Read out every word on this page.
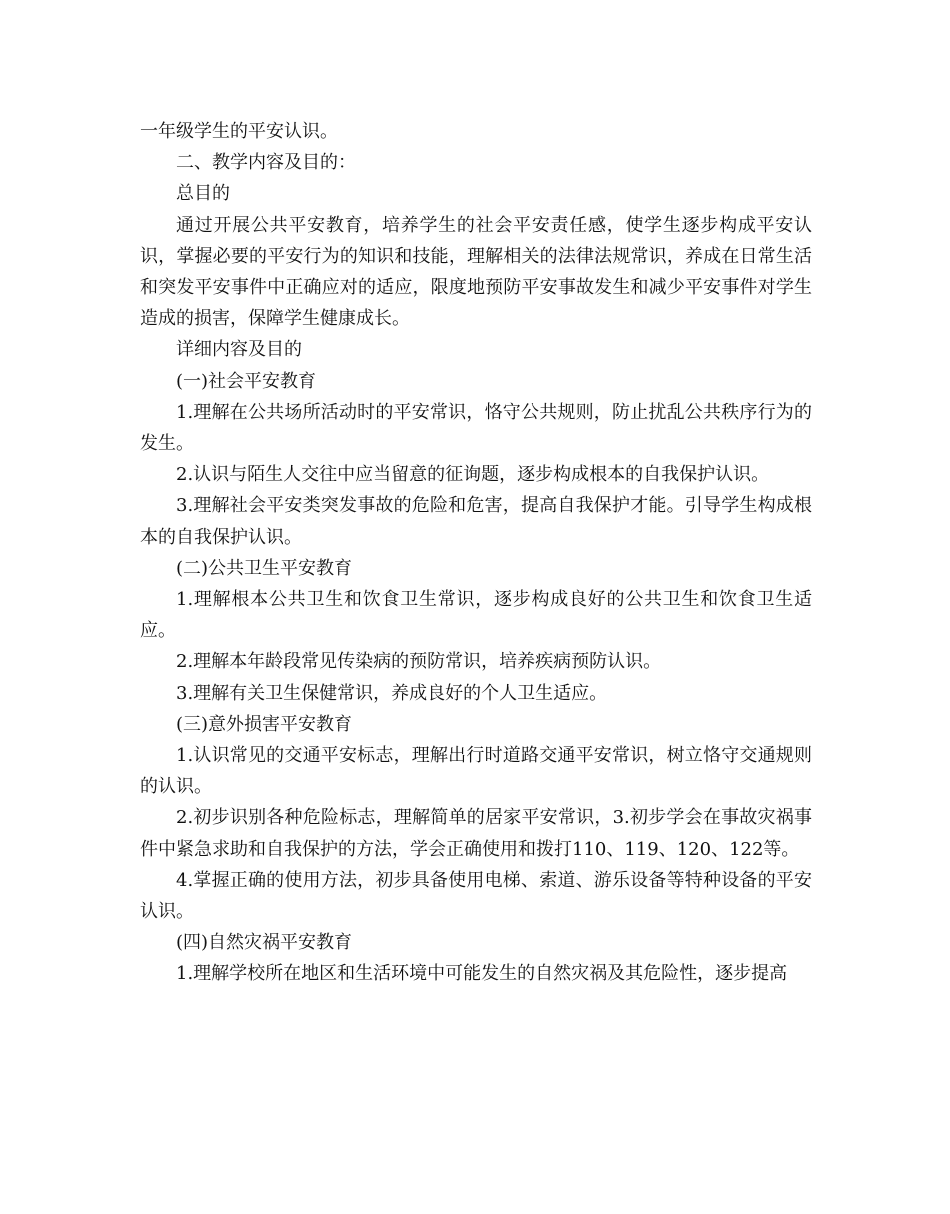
一年级学生的平安认识。

二、教学内容及目的：

总目的

通过开展公共平安教育，培养学生的社会平安责任感，使学生逐步构成平安认识，掌握必要的平安行为的知识和技能，理解相关的法律法规常识，养成在日常生活和突发平安事件中正确应对的适应，限度地预防平安事故发生和减少平安事件对学生造成的损害，保障学生健康成长。

详细内容及目的

(一)社会平安教育

1.理解在公共场所活动时的平安常识，恪守公共规则，防止扰乱公共秩序行为的发生。

2.认识与陌生人交往中应当留意的征询题，逐步构成根本的自我保护认识。

3.理解社会平安类突发事故的危险和危害，提高自我保护才能。引导学生构成根本的自我保护认识。

(二)公共卫生平安教育

1.理解根本公共卫生和饮食卫生常识，逐步构成良好的公共卫生和饮食卫生适应。

2.理解本年龄段常见传染病的预防常识，培养疾病预防认识。

3.理解有关卫生保健常识，养成良好的个人卫生适应。

(三)意外损害平安教育

1.认识常见的交通平安标志，理解出行时道路交通平安常识，树立恪守交通规则的认识。

2.初步识别各种危险标志，理解简单的居家平安常识，3.初步学会在事故灾祸事件中紧急求助和自我保护的方法，学会正确使用和拨打110、119、120、122等。

4.掌握正确的使用方法，初步具备使用电梯、索道、游乐设备等特种设备的平安认识。

(四)自然灾祸平安教育

1.理解学校所在地区和生活环境中可能发生的自然灾祸及其危险性，逐步提高
